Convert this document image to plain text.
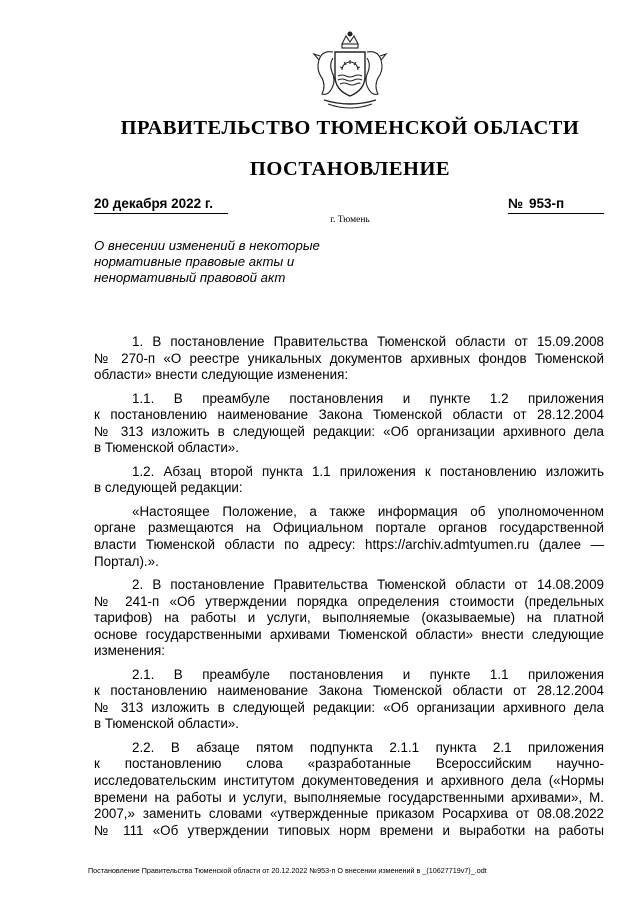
ПРАВИТЕЛЬСТВО ТЮМЕНСКОЙ ОБЛАСТИ
ПОСТАНОВЛЕНИЕ
20 декабря 2022 г.	№ 953-п
г. Тюмень
О внесении изменений в некоторые
нормативные правовые акты и
ненормативный правовой акт
1. В постановление Правительства Тюменской области от 15.09.2008
№ 270-п «О реестре уникальных документов архивных фондов Тюменской
области» внести следующие изменения:
1.1. В преамбуле постановления и пункте 1.2 приложения
к постановлению наименование Закона Тюменской области от 28.12.2004
№ 313 изложить в следующей редакции: «Об организации архивного дела
в Тюменской области».
1.2. Абзац второй пункта 1.1 приложения к постановлению изложить
в следующей редакции:
«Настоящее Положение, а также информация об уполномоченном
органе размещаются на Официальном портале органов государственной
власти Тюменской области по адресу: https://archiv.admtyumen.ru (далее —
Портал).».
2. В постановление Правительства Тюменской области от 14.08.2009
№ 241-п «Об утверждении порядка определения стоимости (предельных
тарифов) на работы и услуги, выполняемые (оказываемые) на платной
основе государственными архивами Тюменской области» внести следующие
изменения:
2.1. В преамбуле постановления и пункте 1.1 приложения
к постановлению наименование Закона Тюменской области от 28.12.2004
№ 313 изложить в следующей редакции: «Об организации архивного дела
в Тюменской области».
2.2. В абзаце пятом подпункта 2.1.1 пункта 2.1 приложения
к постановлению слова «разработанные Всероссийским научно-
исследовательским институтом документоведения и архивного дела («Нормы
времени на работы и услуги, выполняемые государственными архивами», М.
2007,» заменить словами «утвержденные приказом Росархива от 08.08.2022
№ 111 «Об утверждении типовых норм времени и выработки на работы
Постановление Правительства Тюменской области от 20.12.2022 №953-п О внесении изменений в _(10627719v7)_.odt
